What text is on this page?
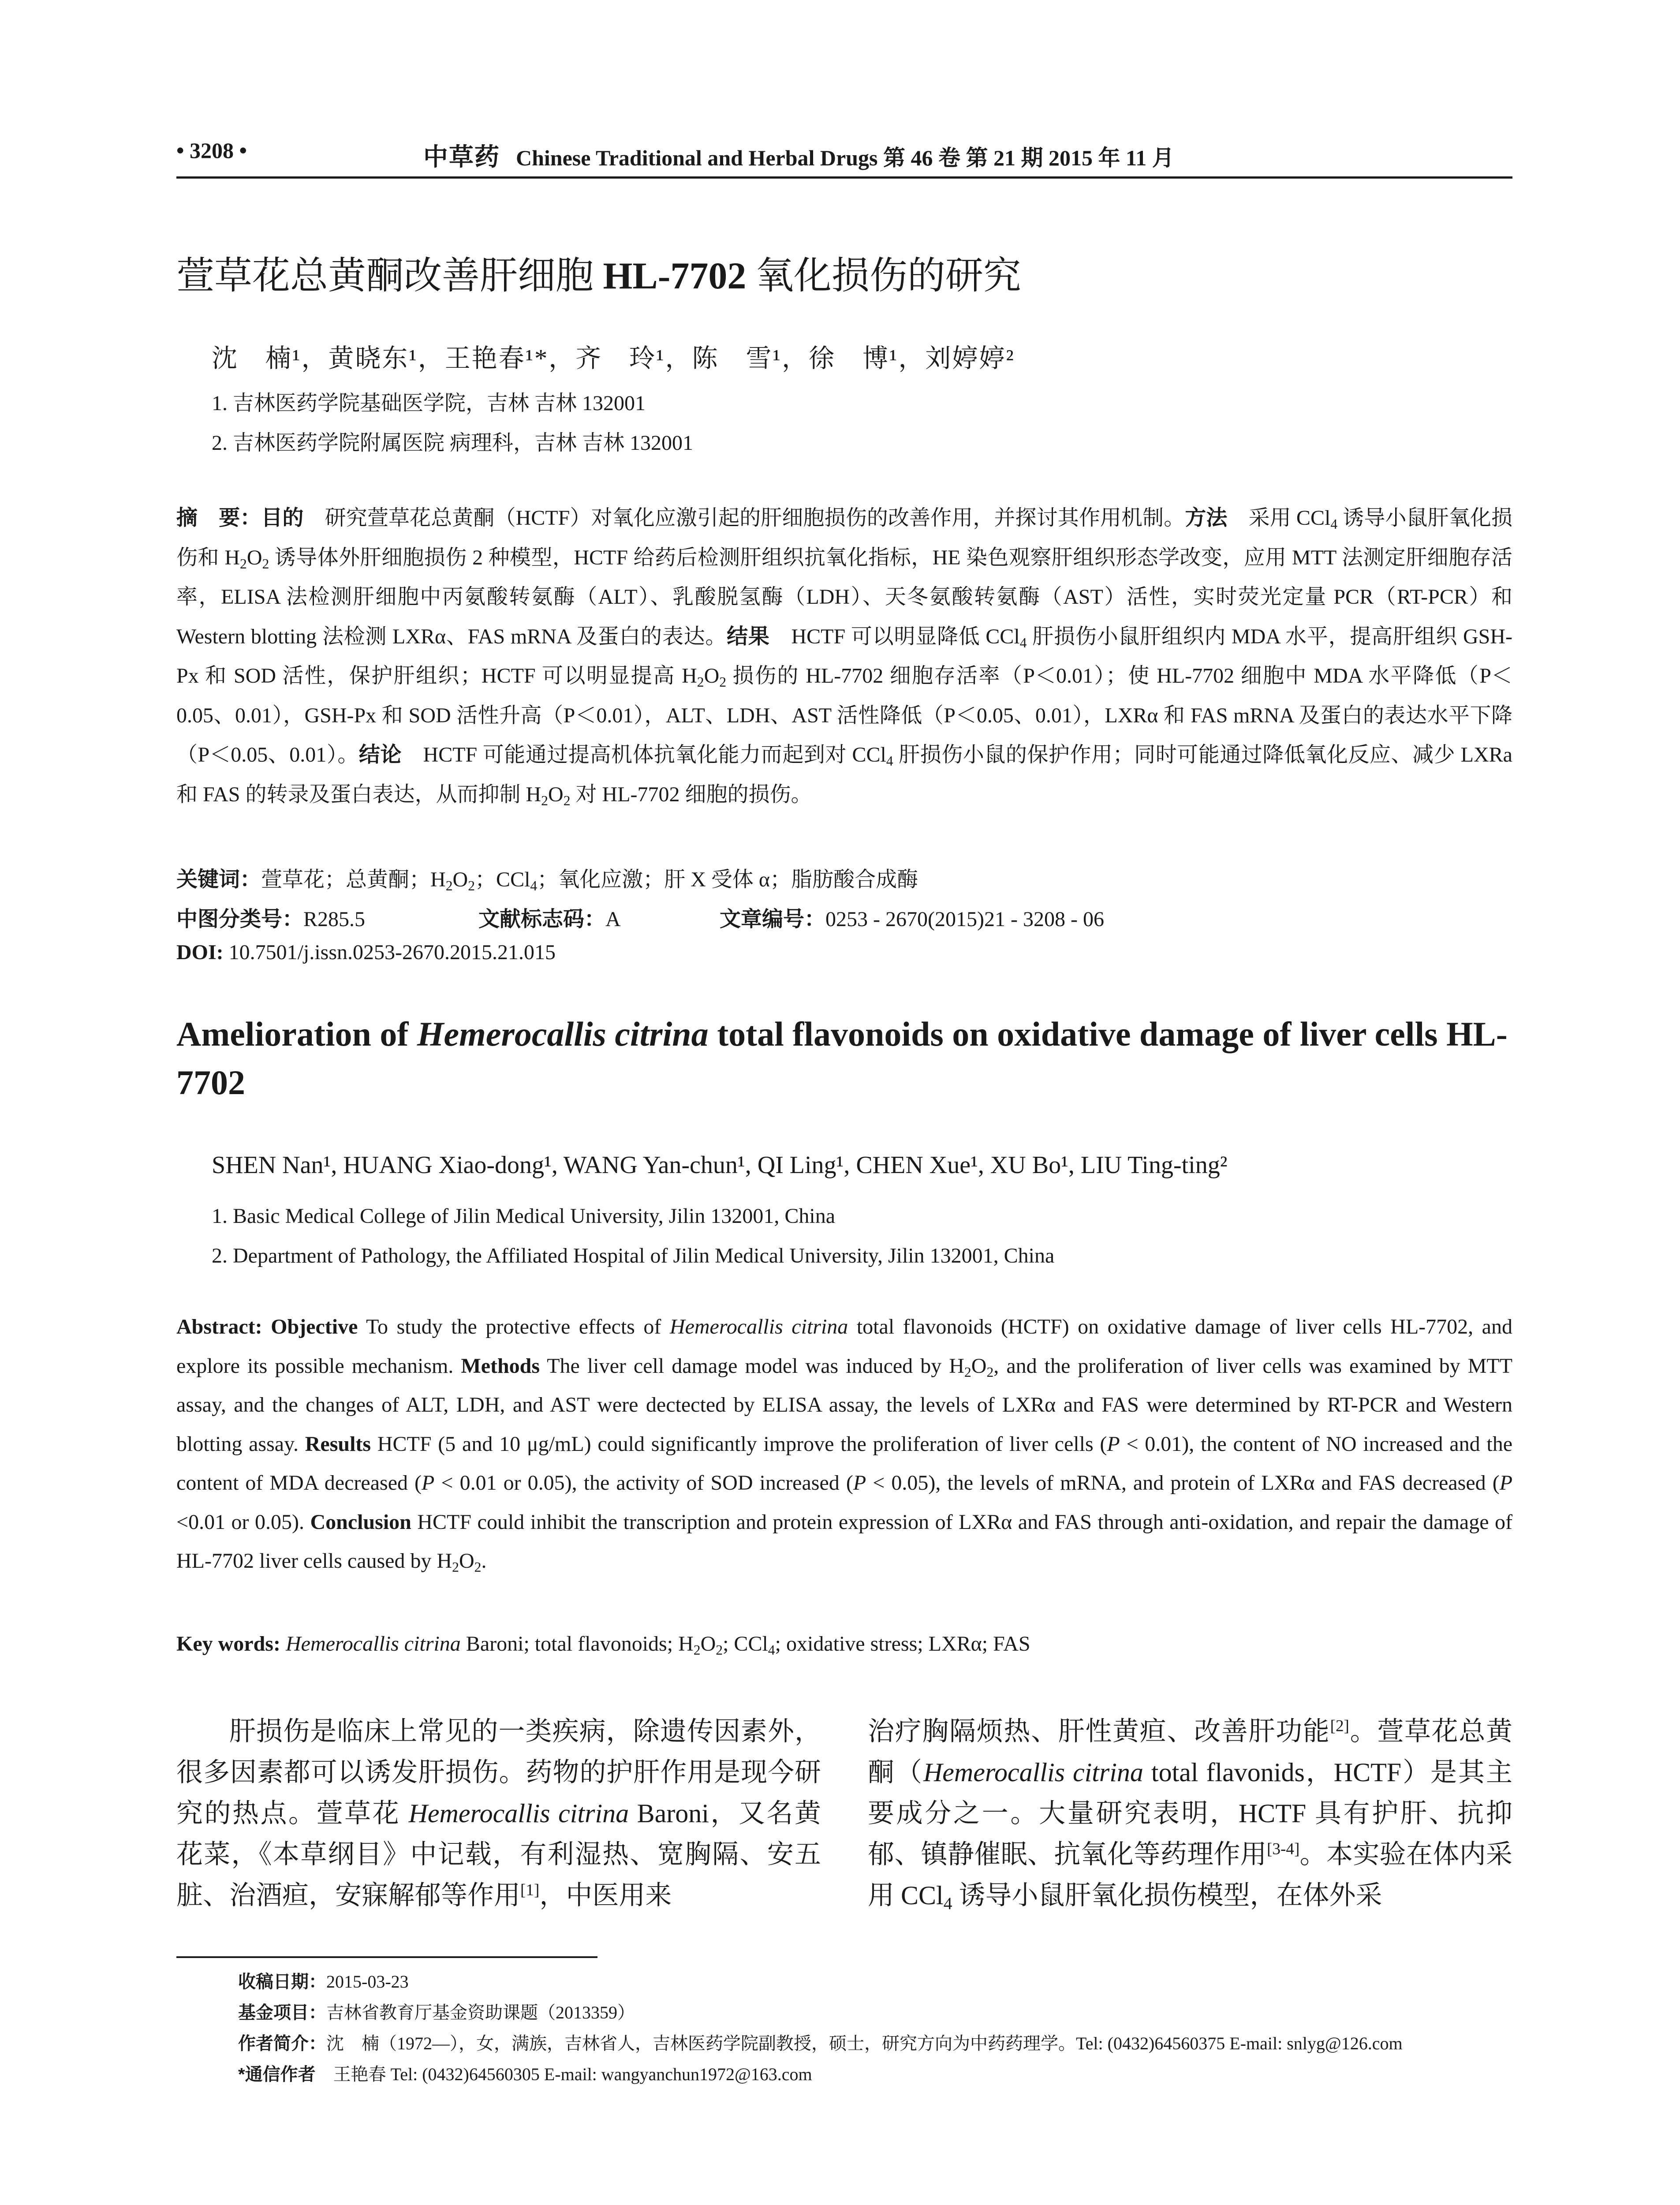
• 3208 •	中草药 Chinese Traditional and Herbal Drugs 第 46 卷 第 21 期 2015 年 11 月
萱草花总黄酮改善肝细胞 HL-7702 氧化损伤的研究
沈　楠¹，黄晓东¹，王艳春¹*，齐　玲¹，陈　雪¹，徐　博¹，刘婷婷²
1. 吉林医药学院基础医学院，吉林 吉林 132001
2. 吉林医药学院附属医院 病理科，吉林 吉林 132001
摘　要：目的　研究萱草花总黄酮（HCTF）对氧化应激引起的肝细胞损伤的改善作用，并探讨其作用机制。方法　采用 CCl$_4$ 诱导小鼠肝氧化损伤和 $H_2O_2$ 诱导体外肝细胞损伤 2 种模型，HCTF 给药后检测肝组织抗氧化指标，HE 染色观察肝组织形态学改变，应用 MTT 法测定肝细胞存活率，ELISA 法检测肝细胞中丙氨酸转氨酶（ALT）、乳酸脱氢酶（LDH）、天冬氨酸转氨酶（AST）活性，实时荧光定量 PCR（RT-PCR）和 Western blotting 法检测 LXRα、FAS mRNA 及蛋白的表达。结果　HCTF 可以明显降低 CCl$_4$ 肝损伤小鼠肝组织内 MDA 水平，提高肝组织 GSH-Px 和 SOD 活性，保护肝组织；HCTF 可以明显提高 $H_2O_2$ 损伤的 HL-7702 细胞存活率（P＜0.01）；使 HL-7702 细胞中 MDA 水平降低（P＜0.05、0.01），GSH-Px 和 SOD 活性升高（P＜0.01），ALT、LDH、AST 活性降低（P＜0.05、0.01），LXRα 和 FAS mRNA 及蛋白的表达水平下降（P＜0.05、0.01）。结论　HCTF 可能通过提高机体抗氧化能力而起到对 CCl$_4$ 肝损伤小鼠的保护作用；同时可能通过降低氧化反应、减少 LXRa 和 FAS 的转录及蛋白表达，从而抑制 $H_2O_2$ 对 HL-7702 细胞的损伤。
关键词：萱草花；总黄酮；$H_2O_2$；CCl$_4$；氧化应激；肝 X 受体 α；脂肪酸合成酶
中图分类号：R285.5	文献标志码：A	文章编号：0253 - 2670(2015)21 - 3208 - 06
DOI: 10.7501/j.issn.0253-2670.2015.21.015
Amelioration of Hemerocallis citrina total flavonoids on oxidative damage of liver cells HL-7702
SHEN Nan¹, HUANG Xiao-dong¹, WANG Yan-chun¹, QI Ling¹, CHEN Xue¹, XU Bo¹, LIU Ting-ting²
1. Basic Medical College of Jilin Medical University, Jilin 132001, China
2. Department of Pathology, the Affiliated Hospital of Jilin Medical University, Jilin 132001, China
Abstract: Objective To study the protective effects of Hemerocallis citrina total flavonoids (HCTF) on oxidative damage of liver cells HL-7702, and explore its possible mechanism. Methods The liver cell damage model was induced by $H_2O_2$, and the proliferation of liver cells was examined by MTT assay, and the changes of ALT, LDH, and AST were dectected by ELISA assay, the levels of LXRα and FAS were determined by RT-PCR and Western blotting assay. Results HCTF (5 and 10 μg/mL) could significantly improve the proliferation of liver cells (P < 0.01), the content of NO increased and the content of MDA decreased (P < 0.01 or 0.05), the activity of SOD increased (P < 0.05), the levels of mRNA, and protein of LXRα and FAS decreased (P <0.01 or 0.05). Conclusion HCTF could inhibit the transcription and protein expression of LXRα and FAS through anti-oxidation, and repair the damage of HL-7702 liver cells caused by $H_2O_2$.
Key words: Hemerocallis citrina Baroni; total flavonoids; $H_2O_2$; CCl$_4$; oxidative stress; LXRα; FAS
肝损伤是临床上常见的一类疾病，除遗传因素外，很多因素都可以诱发肝损伤。药物的护肝作用是现今研究的热点。萱草花 Hemerocallis citrina Baroni，又名黄花菜，《本草纲目》中记载，有利湿热、宽胸隔、安五脏、治酒疸，安寐解郁等作用[1]，中医用来
治疗胸隔烦热、肝性黄疸、改善肝功能[2]。萱草花总黄酮（Hemerocallis citrina total flavonids，HCTF）是其主要成分之一。大量研究表明，HCTF 具有护肝、抗抑郁、镇静催眠、抗氧化等药理作用[3-4]。本实验在体内采用 CCl$_4$ 诱导小鼠肝氧化损伤模型，在体外采
收稿日期：2015-03-23
基金项目：吉林省教育厅基金资助课题（2013359）
作者简介：沈　楠（1972—），女，满族，吉林省人，吉林医药学院副教授，硕士，研究方向为中药药理学。Tel: (0432)64560375 E-mail: snlyg@126.com
*通信作者　王艳春 Tel: (0432)64560305 E-mail: wangyanchun1972@163.com
